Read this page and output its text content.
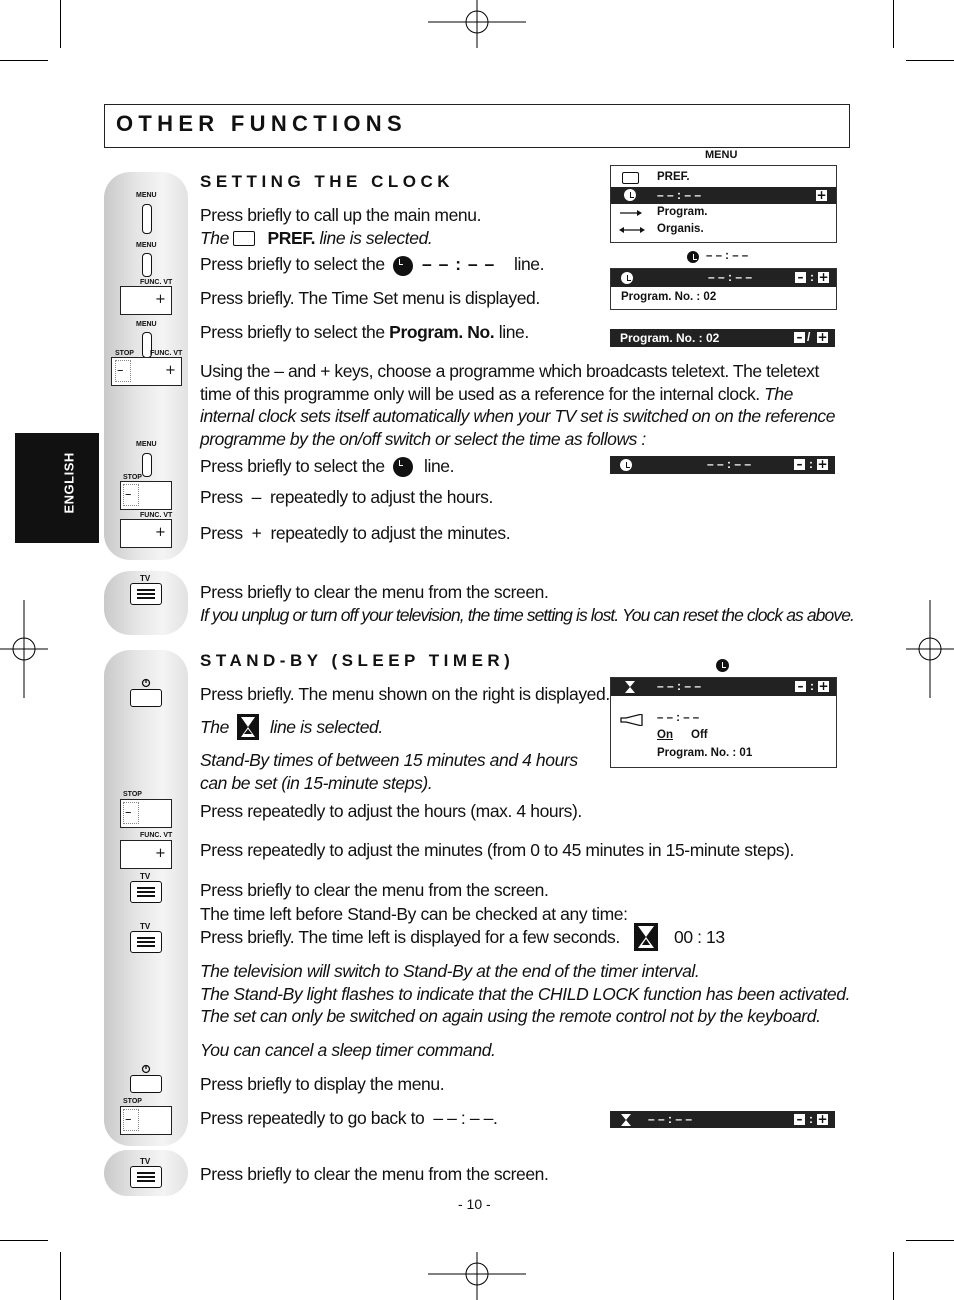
OTHER FUNCTIONS
ENGLISH
MENU
MENU
FUNC. VT
+
MENU
STOP FUNC. VT
–	+
MENU
STOP
–
FUNC. VT
+
TV
STOP
–
FUNC. VT
+
TV
TV
STOP
–
TV
SETTING THE CLOCK
Press briefly to call up the main menu.
The PREF. line is selected.
Press briefly to select the – – : – – line.
Press briefly. The Time Set menu is displayed.
Press briefly to select the Program. No. line.
Using the – and + keys, choose a programme which broadcasts teletext. The teletext time of this programme only will be used as a reference for the internal clock. The internal clock sets itself automatically when your TV set is switched on on the reference programme by the on/off switch or select the time as follows :
Press briefly to select the line.
Press – repeatedly to adjust the hours.
Press + repeatedly to adjust the minutes.
Press briefly to clear the menu from the screen.
If you unplug or turn off your television, the time setting is lost. You can reset the clock as above.
MENU
PREF.
– – : – –	+
Program.
Organis.
– – : – –
– – : – –	– : +
Program. No. : 02
Program. No. : 02	– / +
– – : – –	– : +
STAND-BY (SLEEP TIMER)
Press briefly. The menu shown on the right is displayed.
The line is selected.
Stand-By times of between 15 minutes and 4 hours
can be set (in 15-minute steps).
Press repeatedly to adjust the hours (max. 4 hours).
Press repeatedly to adjust the minutes (from 0 to 45 minutes in 15-minute steps).
Press briefly to clear the menu from the screen.
The time left before Stand-By can be checked at any time:
Press briefly. The time left is displayed for a few seconds.	00 : 13
The television will switch to Stand-By at the end of the timer interval.
The Stand-By light flashes to indicate that the CHILD LOCK function has been activated.
The set can only be switched on again using the remote control not by the keyboard.
You can cancel a sleep timer command.
Press briefly to display the menu.
Press repeatedly to go back to – – : – –.
Press briefly to clear the menu from the screen.
– – : – –	– : +
– – : – –
On Off
Program. No. : 01
– – : – –	– : +
- 10 -
